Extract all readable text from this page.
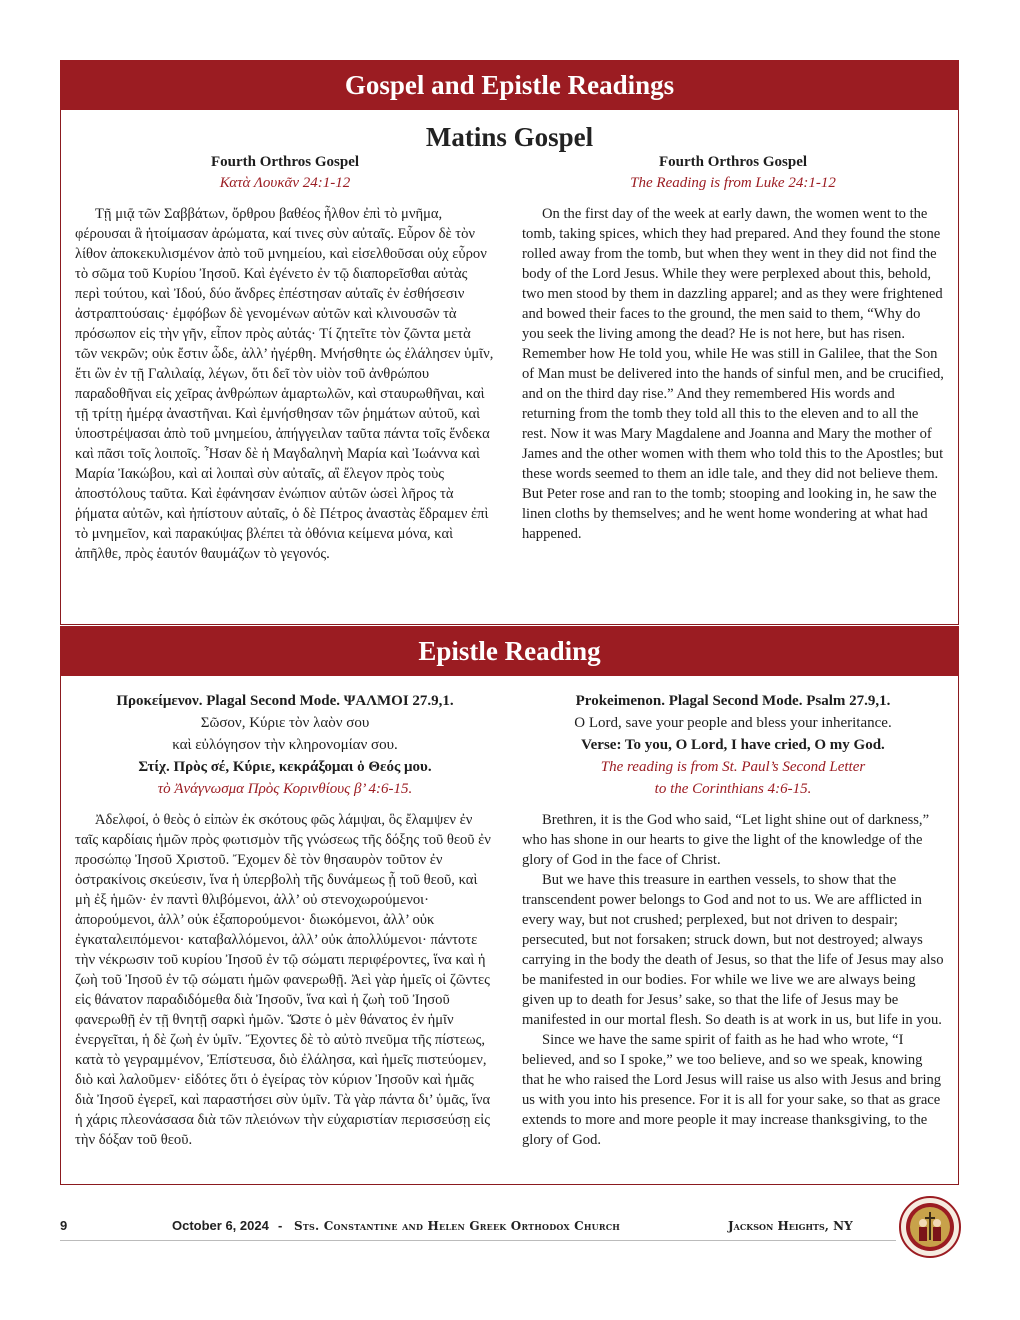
Gospel and Epistle Readings
Matins Gospel
Fourth Orthros Gospel
Κατὰ Λουκᾶν 24:1-12

Τῇ μιᾷ τῶν Σαββάτων, ὄρθρου βαθέος ἦλθον ἐπὶ τὸ μνῆμα, φέρουσαι ἃ ἡτοίμασαν ἀρώματα, καί τινες σὺν αὐταῖς. Εὗρον δὲ τὸν λίθον ἀποκεκυλισμένον ἀπὸ τοῦ μνημείου, καὶ εἰσελθοῦσαι οὐχ εὗρον τὸ σῶμα τοῦ Κυρίου Ἰησοῦ. Καὶ ἐγένετο ἐν τῷ διαπορεῖσθαι αὐτὰς περὶ τούτου, καὶ Ἰδού, δύο ἄνδρες ἐπέστησαν αὐταῖς ἐν ἐσθήσεσιν ἀστραπτούσαις· ἐμφόβων δὲ γενομένων αὐτῶν καὶ κλινουσῶν τὰ πρόσωπον εἰς τὴν γῆν, εἶπον πρὸς αὐτάς· Τί ζητεῖτε τὸν ζῶντα μετὰ τῶν νεκρῶν; οὐκ ἔστιν ὧδε, ἀλλ’ ἠγέρθη. Μνήσθητε ὡς ἐλάλησεν ὑμῖν, ἔτι ὢν ἐν τῇ Γαλιλαίᾳ, λέγων, ὅτι δεῖ τὸν υἱὸν τοῦ ἀνθρώπου παραδοθῆναι εἰς χεῖρας ἀνθρώπων ἁμαρτωλῶν, καὶ σταυρωθῆναι, καὶ τῇ τρίτῃ ἡμέρᾳ ἀναστῆναι. Καὶ ἐμνήσθησαν τῶν ῥημάτων αὐτοῦ, καὶ ὑποστρέψασαι ἀπὸ τοῦ μνημείου, ἀπήγγειλαν ταῦτα πάντα τοῖς ἕνδεκα καὶ πᾶσι τοῖς λοιποῖς. Ἦσαν δὲ ἡ Μαγδαληνὴ Μαρία καὶ Ἰωάννα καὶ Μαρία Ἰακώβου, καὶ αἱ λοιπαὶ σὺν αὐταῖς, αἳ ἔλεγον πρὸς τοὺς ἀποστόλους ταῦτα. Καὶ ἐφάνησαν ἐνώπιον αὐτῶν ὡσεὶ λῆρος τὰ ῥήματα αὐτῶν, καὶ ἠπίστουν αὐταῖς, ὁ δὲ Πέτρος ἀναστὰς ἔδραμεν ἐπὶ τὸ μνημεῖον, καὶ παρακύψας βλέπει τὰ ὀθόνια κείμενα μόνα, καὶ ἀπῆλθε, πρὸς ἑαυτόν θαυμάζων τὸ γεγονός.

Fourth Orthros Gospel
The Reading is from Luke 24:1-12

On the first day of the week at early dawn, the women went to the tomb, taking spices, which they had prepared. And they found the stone rolled away from the tomb, but when they went in they did not find the body of the Lord Jesus. While they were perplexed about this, behold, two men stood by them in dazzling apparel; and as they were frightened and bowed their faces to the ground, the men said to them, “Why do you seek the living among the dead? He is not here, but has risen. Remember how He told you, while He was still in Galilee, that the Son of Man must be delivered into the hands of sinful men, and be crucified, and on the third day rise.” And they remembered His words and returning from the tomb they told all this to the eleven and to all the rest. Now it was Mary Magdalene and Joanna and Mary the mother of James and the other women with them who told this to the Apostles; but these words seemed to them an idle tale, and they did not believe them. But Peter rose and ran to the tomb; stooping and looking in, he saw the linen cloths by themselves; and he went home wondering at what had happened.

Epistle Reading
Προκείμενον. Plagal Second Mode. ΨΑΛΜΟΙ 27.9,1.
Σῶσον, Κύριε τὸν λαὸν σου
καὶ εὐλόγησον τὴν κληρονομίαν σου.
Στίχ. Πρὸς σέ, Κύριε, κεκράξομαι ὁ Θεός μου.
τὸ Ἀνάγνωσμα Πρὸς Κορινθίους β’ 4:6-15.

Ἀδελφοί, ὁ θεὸς ὁ εἰπὼν ἐκ σκότους φῶς λάμψαι, ὃς ἔλαμψεν ἐν ταῖς καρδίαις ἡμῶν πρὸς φωτισμὸν τῆς γνώσεως τῆς δόξης τοῦ θεοῦ ἐν προσώπῳ Ἰησοῦ Χριστοῦ. Ἔχομεν δὲ τὸν θησαυρὸν τοῦτον ἐν ὀστρακίνοις σκεύεσιν, ἵνα ἡ ὑπερβολὴ τῆς δυνάμεως ᾖ τοῦ θεοῦ, καὶ μὴ ἐξ ἡμῶν· ἐν παντὶ θλιβόμενοι, ἀλλ’ οὐ στενοχωρούμενοι· ἀπορούμενοι, ἀλλ’ οὐκ ἐξαπορούμενοι· διωκόμενοι, ἀλλ’ οὐκ ἐγκαταλειπόμενοι· καταβαλλόμενοι, ἀλλ’ οὐκ ἀπολλύμενοι· πάντοτε τὴν νέκρωσιν τοῦ κυρίου Ἰησοῦ ἐν τῷ σώματι περιφέροντες, ἵνα καὶ ἡ ζωὴ τοῦ Ἰησοῦ ἐν τῷ σώματι ἡμῶν φανερωθῇ. Ἀεὶ γὰρ ἡμεῖς οἱ ζῶντες εἰς θάνατον παραδιδόμεθα διὰ Ἰησοῦν, ἵνα καὶ ἡ ζωὴ τοῦ Ἰησοῦ φανερωθῇ ἐν τῇ θνητῇ σαρκὶ ἡμῶν. Ὥστε ὁ μὲν θάνατος ἐν ἡμῖν ἐνεργεῖται, ἡ δὲ ζωὴ ἐν ὑμῖν. Ἔχοντες δὲ τὸ αὐτὸ πνεῦμα τῆς πίστεως, κατὰ τὸ γεγραμμένον, Ἐπίστευσα, διὸ ἐλάλησα, καὶ ἡμεῖς πιστεύομεν, διὸ καὶ λαλοῦμεν· εἰδότες ὅτι ὁ ἐγείρας τὸν κύριον Ἰησοῦν καὶ ἡμᾶς διὰ Ἰησοῦ ἐγερεῖ, καὶ παραστήσει σὺν ὑμῖν. Τὰ γὰρ πάντα δι’ ὑμᾶς, ἵνα ἡ χάρις πλεονάσασα διὰ τῶν πλειόνων τὴν εὐχαριστίαν περισσεύσῃ εἰς τὴν δόξαν τοῦ θεοῦ.

Prokeimenon. Plagal Second Mode. Psalm 27.9,1.
O Lord, save your people and bless your inheritance.
Verse: To you, O Lord, I have cried, O my God.
The reading is from St. Paul’s Second Letter
to the Corinthians 4:6-15.

Brethren, it is the God who said, “Let light shine out of darkness,” who has shone in our hearts to give the light of the knowledge of the glory of God in the face of Christ.

But we have this treasure in earthen vessels, to show that the transcendent power belongs to God and not to us. We are afflicted in every way, but not crushed; perplexed, but not driven to despair; persecuted, but not forsaken; struck down, but not destroyed; always carrying in the body the death of Jesus, so that the life of Jesus may also be manifested in our bodies. For while we live we are always being given up to death for Jesus’ sake, so that the life of Jesus may be manifested in our mortal flesh. So death is at work in us, but life in you.

Since we have the same spirit of faith as he had who wrote, “I believed, and so I spoke,” we too believe, and so we speak, knowing that he who raised the Lord Jesus will raise us also with Jesus and bring us with you into his presence. For it is all for your sake, so that as grace extends to more and more people it may increase thanksgiving, to the glory of God.

9	October 6, 2024 - Sts. Constantine and Helen Greek Orthodox Church	Jackson Heights, NY
